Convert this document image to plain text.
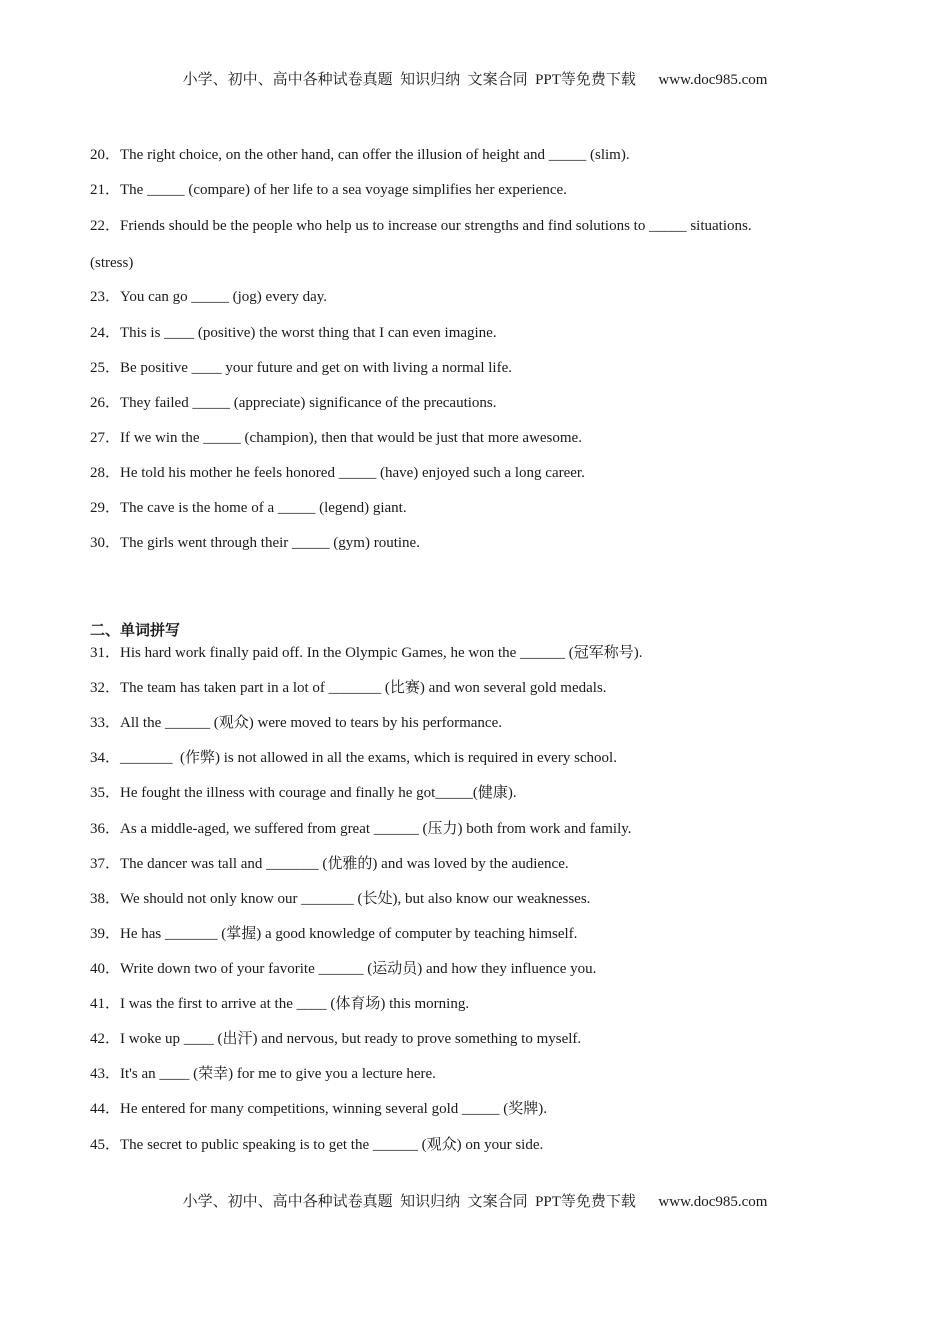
小学、初中、高中各种试卷真题  知识归纳  文案合同  PPT等免费下载 www.doc985.com
20．The right choice, on the other hand, can offer the illusion of height and _____ (slim).
21．The _____ (compare) of her life to a sea voyage simplifies her experience.
22．Friends should be the people who help us to increase our strengths and find solutions to _____ situations.
(stress)
23．You can go _____ (jog) every day.
24．This is ____ (positive) the worst thing that I can even imagine.
25．Be positive ____ your future and get on with living a normal life.
26．They failed _____ (appreciate) significance of the precautions.
27．If we win the _____ (champion), then that would be just that more awesome.
28．He told his mother he feels honored _____ (have) enjoyed such a long career.
29．The cave is the home of a _____ (legend) giant.
30．The girls went through their _____ (gym) routine.
二、单词拼写
31．His hard work finally paid off. In the Olympic Games, he won the ______ (冠军称号).
32．The team has taken part in a lot of _______ (比赛) and won several gold medals.
33．All the ______ (观众) were moved to tears by his performance.
34．_______  (作弊) is not allowed in all the exams, which is required in every school.
35．He fought the illness with courage and finally he got_____(健康).
36．As a middle-aged, we suffered from great ______ (压力) both from work and family.
37．The dancer was tall and _______ (优雅的) and was loved by the audience.
38．We should not only know our _______ (长处), but also know our weaknesses.
39．He has _______ (掌握) a good knowledge of computer by teaching himself.
40．Write down two of your favorite ______ (运动员) and how they influence you.
41．I was the first to arrive at the ____ (体育场) this morning.
42．I woke up ____ (出汗) and nervous, but ready to prove something to myself.
43．It's an ____ (荣幸) for me to give you a lecture here.
44．He entered for many competitions, winning several gold _____ (奖牌).
45．The secret to public speaking is to get the ______ (观众) on your side.
小学、初中、高中各种试卷真题  知识归纳  文案合同  PPT等免费下载 www.doc985.com
